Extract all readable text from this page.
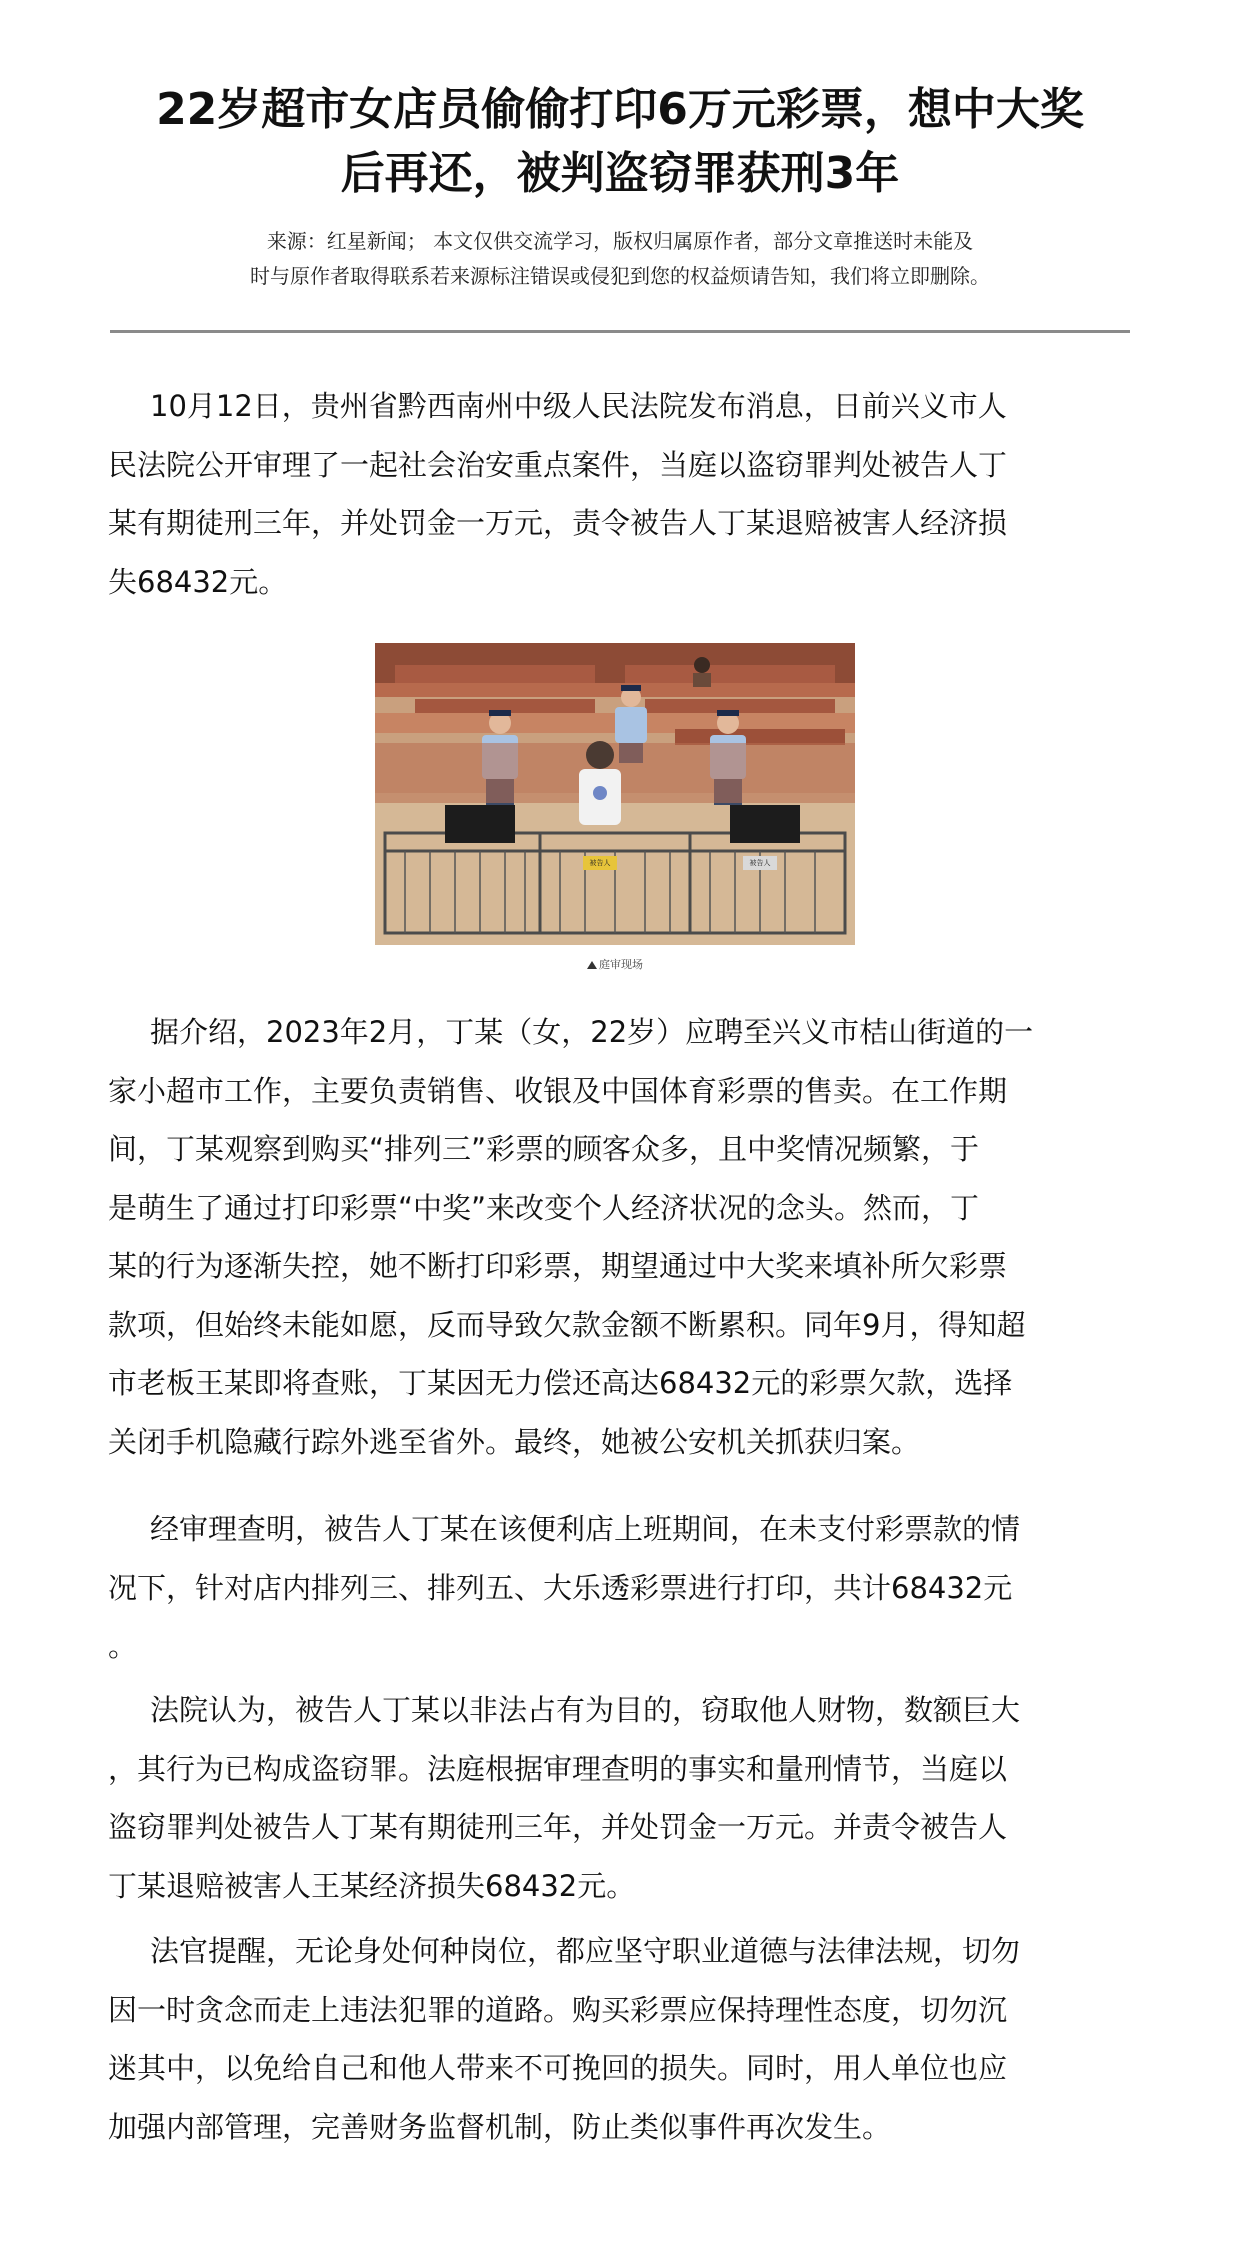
22岁超市女店员偷偷打印6万元彩票，想中大奖
后再还，被判盗窃罪获刑3年
来源：红星新闻； 本文仅供交流学习，版权归属原作者，部分文章推送时未能及
时与原作者取得联系若来源标注错误或侵犯到您的权益烦请告知，我们将立即删除。
10月12日，贵州省黔西南州中级人民法院发布消息，日前兴义市人
民法院公开审理了一起社会治安重点案件，当庭以盗窃罪判处被告人丁
某有期徒刑三年，并处罚金一万元，责令被告人丁某退赔被害人经济损
失68432元。
被告人	被告人
庭审现场
据介绍，2023年2月，丁某（女，22岁）应聘至兴义市桔山街道的一
家小超市工作，主要负责销售、收银及中国体育彩票的售卖。在工作期
间，丁某观察到购买“排列三”彩票的顾客众多，且中奖情况频繁，于
是萌生了通过打印彩票“中奖”来改变个人经济状况的念头。然而，丁
某的行为逐渐失控，她不断打印彩票，期望通过中大奖来填补所欠彩票
款项，但始终未能如愿，反而导致欠款金额不断累积。同年9月，得知超
市老板王某即将查账，丁某因无力偿还高达68432元的彩票欠款，选择
关闭手机隐藏行踪外逃至省外。最终，她被公安机关抓获归案。
经审理查明，被告人丁某在该便利店上班期间，在未支付彩票款的情
况下，针对店内排列三、排列五、大乐透彩票进行打印，共计68432元
。
法院认为，被告人丁某以非法占有为目的，窃取他人财物，数额巨大
，其行为已构成盗窃罪。法庭根据审理查明的事实和量刑情节，当庭以
盗窃罪判处被告人丁某有期徒刑三年，并处罚金一万元。并责令被告人
丁某退赔被害人王某经济损失68432元。
法官提醒，无论身处何种岗位，都应坚守职业道德与法律法规，切勿
因一时贪念而走上违法犯罪的道路。购买彩票应保持理性态度，切勿沉
迷其中，以免给自己和他人带来不可挽回的损失。同时，用人单位也应
加强内部管理，完善财务监督机制，防止类似事件再次发生。
